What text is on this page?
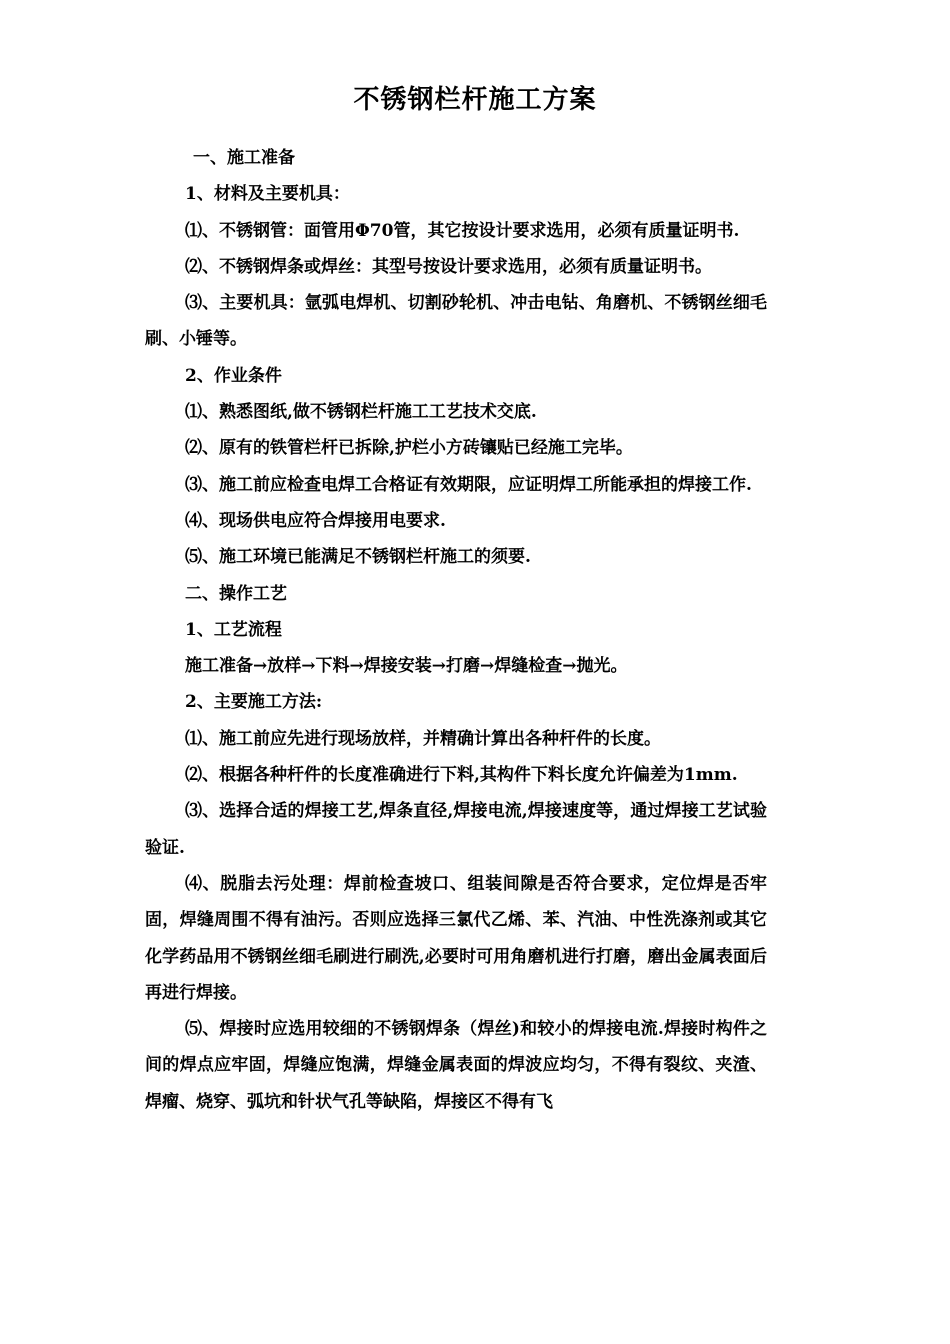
不锈钢栏杆施工方案

一、施工准备

1、材料及主要机具：

⑴、不锈钢管：面管用Φ70管，其它按设计要求选用，必须有质量证明书.

⑵、不锈钢焊条或焊丝：其型号按设计要求选用，必须有质量证明书。

⑶、主要机具：氩弧电焊机、切割砂轮机、冲击电钻、角磨机、不锈钢丝细毛刷、小锤等。

2、作业条件

⑴、熟悉图纸,做不锈钢栏杆施工工艺技术交底.

⑵、原有的铁管栏杆已拆除,护栏小方砖镶贴已经施工完毕。

⑶、施工前应检查电焊工合格证有效期限，应证明焊工所能承担的焊接工作.

⑷、现场供电应符合焊接用电要求.

⑸、施工环境已能满足不锈钢栏杆施工的须要.

二、操作工艺

1、工艺流程

施工准备→放样→下料→焊接安装→打磨→焊缝检查→抛光。

2、主要施工方法:

⑴、施工前应先进行现场放样，并精确计算出各种杆件的长度。

⑵、根据各种杆件的长度准确进行下料,其构件下料长度允许偏差为1mm.

⑶、选择合适的焊接工艺,焊条直径,焊接电流,焊接速度等，通过焊接工艺试验验证.

⑷、脱脂去污处理：焊前检查坡口、组装间隙是否符合要求，定位焊是否牢固，焊缝周围不得有油污。否则应选择三氯代乙烯、苯、汽油、中性洗涤剂或其它化学药品用不锈钢丝细毛刷进行刷洗,必要时可用角磨机进行打磨，磨出金属表面后再进行焊接。

⑸、焊接时应选用较细的不锈钢焊条（焊丝)和较小的焊接电流.焊接时构件之间的焊点应牢固，焊缝应饱满，焊缝金属表面的焊波应均匀，不得有裂纹、夹渣、焊瘤、烧穿、弧坑和针状气孔等缺陷，焊接区不得有飞
